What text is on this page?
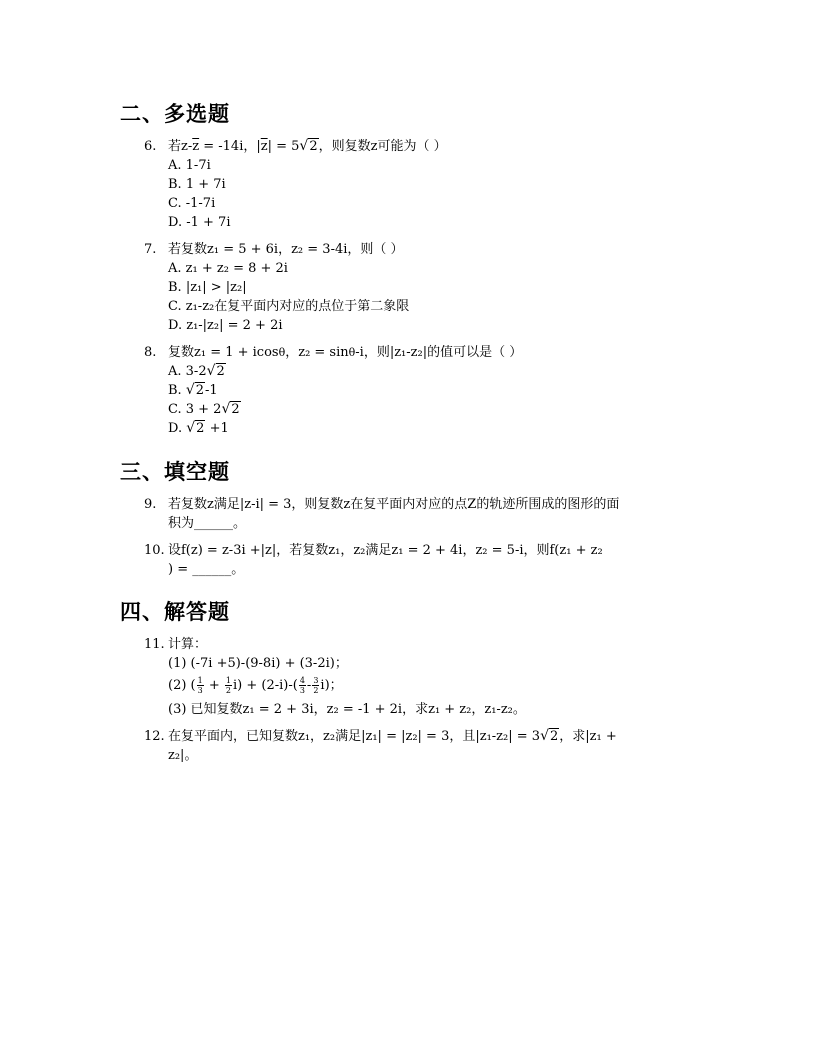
二、多选题
6. 若$z-\overline{z} = -14i$，$|\overline{z}| = 5√2$，则复数z可能为（ ）
A. 1-7i
B. 1 + 7i
C. -1-7i
D. -1 + 7i
7. 若复数z₁ = 5 + 6i，z₂ = 3-4i，则（ ）
A. z₁ + z₂ = 8 + 2i
B. |z₁| > |z₂|
C. z₁-z₂在复平面内对应的点位于第二象限
D. z₁-|z₂| = 2 + 2i
8. 复数z₁ = 1 + icosθ，z₂ = sinθ-i，则|z₁-z₂|的值可以是（ ）
A. 3-2√2
B. √2-1
C. 3 + 2√2
D. √2 +1
三、填空题
9. 若复数z满足|z-i| = 3，则复数z在复平面内对应的点Z的轨迹所围成的图形的面
积为______。
10. 设f(z) = z-3i +|z|，若复数z₁，z₂满足z₁ = 2 + 4i，z₂ = 5-i，则f(z₁ + z₂
) = ______。
四、解答题
11. 计算：
(1) (-7i +5)-(9-8i) + (3-2i)；
(2) ( $\frac{1}{3} + \frac{1}{2} i) + (2-i)-( \frac{4}{3} - \frac{3}{2} i)$；
(3) 已知复数z₁ = 2 + 3i，z₂ = -1 + 2i，求z₁ + z₂，z₁-z₂。
12. 在复平面内，已知复数z₁，z₂满足|z₁| = |z₂| = 3，且|z₁-z₂| = 3√2，求|z₁ +
z₂|。
